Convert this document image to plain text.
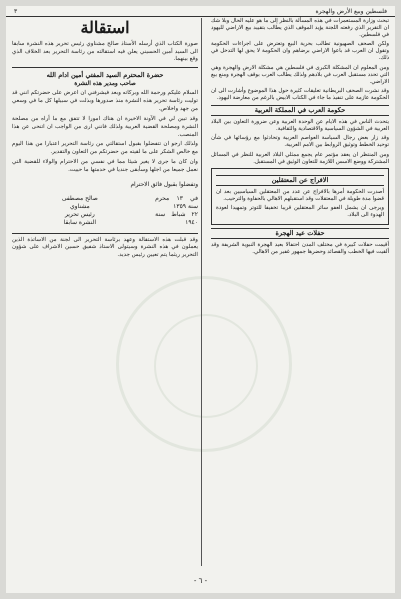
فلسطين وبيع الأرض والهجرة
٣

تبحث وزارة المستعمرات في هذه المسألة بالنظر إلى ما هو عليه الحال وبلا شك ان التقرير الذي رفعته اللجنة يؤيد الموقف الذي يطالب بتقييد بيع الاراضي لليهود في فلسطين.

ولكن الصحف الصهيونية تطالب بحرية البيع وتعترض على اجراءات الحكومة وتقول ان العرب قد باعوا الاراضي برضاهم وان الحكومة لا يحق لها التدخل في ذلك.

ومن المعلوم ان المشكلة الكبرى في فلسطين هي مشكلة الارض والهجرة وهي التي تحدد مستقبل العرب في بلادهم ولذلك يطالب العرب بوقف الهجرة ومنع بيع الاراضي.

وقد نشرت الصحف البريطانية تعليقات كثيرة حول هذا الموضوع وأشارت الى ان الحكومة عازمة على تنفيذ ما جاء في الكتاب الابيض بالرغم من معارضة اليهود.

حكومة العرب في المملكة العربية

يتحدث الناس في هذه الايام عن الوحدة العربية وعن ضرورة التعاون بين البلاد العربية في الشؤون السياسية والاقتصادية والثقافية.

وقد زار بعض رجال السياسة العواصم العربية وتحادثوا مع رؤسائها في شأن توحيد الخطط وتوثيق الروابط بين الامم العربية.

ومن المنتظر ان يعقد مؤتمر عام يجمع ممثلي البلاد العربية للنظر في المسائل المشتركة ووضع الاسس اللازمة للتعاون الوثيق في المستقبل.

الافراج عن المعتقلين

أصدرت الحكومة أمرها بالافراج عن عدد من المعتقلين السياسيين بعد ان قضوا مدة طويلة في المعتقلات وقد استقبلهم الاهالي بالحفاوة والترحيب.

ويرجى ان يشمل العفو سائر المعتقلين قريبا تخفيفا للتوتر وتمهيدا لعودة الهدوء الى البلاد.

حفلات عيد الهجرة

أقيمت حفلات كبيرة في مختلف المدن احتفالا بعيد الهجرة النبوية الشريفة وقد ألقيت فيها الخطب والقصائد وحضرها جمهور غفير من الاهالي.

استقالة
صورة الكتاب الذي أرسله الأستاذ صالح مشناوي رئيس تحرير هذه النشرة سابقا الى السيد أمين الحسيني يعلن فيه استقالته من رئاسة التحرير بعد الخلاف الذي وقع بينهما.
حضرة المحترم السيد المفتي أمين ادام الله
صاحب ومدير هذه النشرة

السلام عليكم ورحمة الله وبركاته وبعد فيشرفني ان اعرض على حضرتكم انني قد توليت رئاسة تحرير هذه النشرة منذ صدورها وبذلت في سبيلها كل ما في وسعي من جهد واخلاص.

وقد تبين لي في الآونة الاخيرة ان هناك امورا لا تتفق مع ما أراه من مصلحة النشرة ومصلحة القضية العربية ولذلك فانني ارى من الواجب ان اتنحى عن هذا المنصب.

ولذلك ارجو ان تتفضلوا بقبول استقالتي من رئاسة التحرير اعتبارا من هذا اليوم مع خالص الشكر على ما لقيته من حضرتكم من التعاون والتقدير.

وان كان ما جرى لا يغير شيئا مما في نفسي من الاحترام والولاء للقضية التي نعمل جميعا من اجلها وسأبقى جنديا في خدمتها ما حييت.

وتفضلوا بقبول فائق الاحترام
في ١٣ محرم سنة ١٣٥٩
٢٢ شباط سنة ١٩٤٠
صالح مصطفى مشناوي
رئيس تحرير النشرة سابقا
وقد قبلت هذه الاستقالة وعهد برئاسة التحرير الى لجنة من الاساتذة الذين يعملون في هذه النشرة وسيتولى الاستاذ شفيق حسين الاشراف على شؤون التحرير ريثما يتم تعيين رئيس جديد.
- ٦ -
